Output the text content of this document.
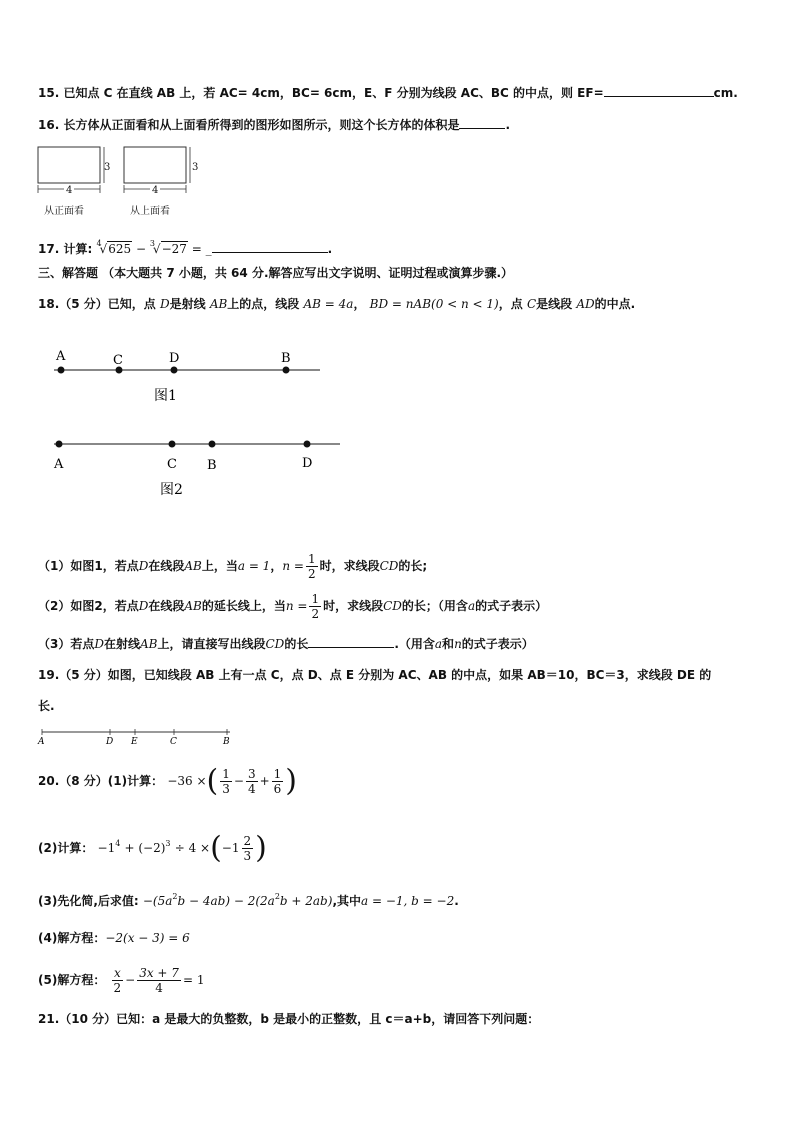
15. 已知点 C 在直线 AB 上，若 AC= 4cm，BC= 6cm，E、F 分别为线段 AC、BC 的中点，则 EF=	cm.
16. 长方体从正面看和从上面看所得到的图形如图所示，则这个长方体的体积是	.
3
4
从正面看
3
4
从上面看
17. 计算: $^4$√625 − $^3$√−27 = _	.
三、解答题 （本大题共 7 小题，共 64 分.解答应写出文字说明、证明过程或演算步骤.）
18.（5 分）已知，点 D是射线 AB上的点，线段 AB = 4a， BD = nAB(0 < n < 1)，点 C是线段 AD的中点.
A	C	D	B
图1
A	C B	D
图2
（1）如图1，若点D在线段AB上，当a = 1，$n = \frac{1}{2}$ 时，求线段CD的长;
（2）如图2，若点D在线段AB的延长线上，当$n = \frac{1}{2}$ 时，求线段CD的长；（用含a的式子表示）
（3）若点D在射线AB上，请直接写出线段CD的长	.（用含a和n的式子表示）
19.（5 分）如图，已知线段 AB 上有一点 C，点 D、点 E 分别为 AC、AB 的中点，如果 AB＝10，BC＝3，求线段 DE 的
长.
A	D E	C	B
20.（8 分）(1)计算： −36 ×( $\frac{1}{3} - \frac{3}{4} + \frac{1}{6}$ )
(2)计算： $-1^4 + (-2)^3 \div 4 \times(-1 \frac{2}{3}$ )
(3)先化简,后求值: $-(5a^2b - 4ab) - 2(2a^2b + 2ab)$,其中a = −1, b = −2.
(4)解方程：−2(x − 3) = 6
(5)解方程： $\frac{x}{2} - \frac{3x + 7}{4} = 1$
21.（10 分）已知：a 是最大的负整数，b 是最小的正整数，且 c＝a+b，请回答下列问题：
